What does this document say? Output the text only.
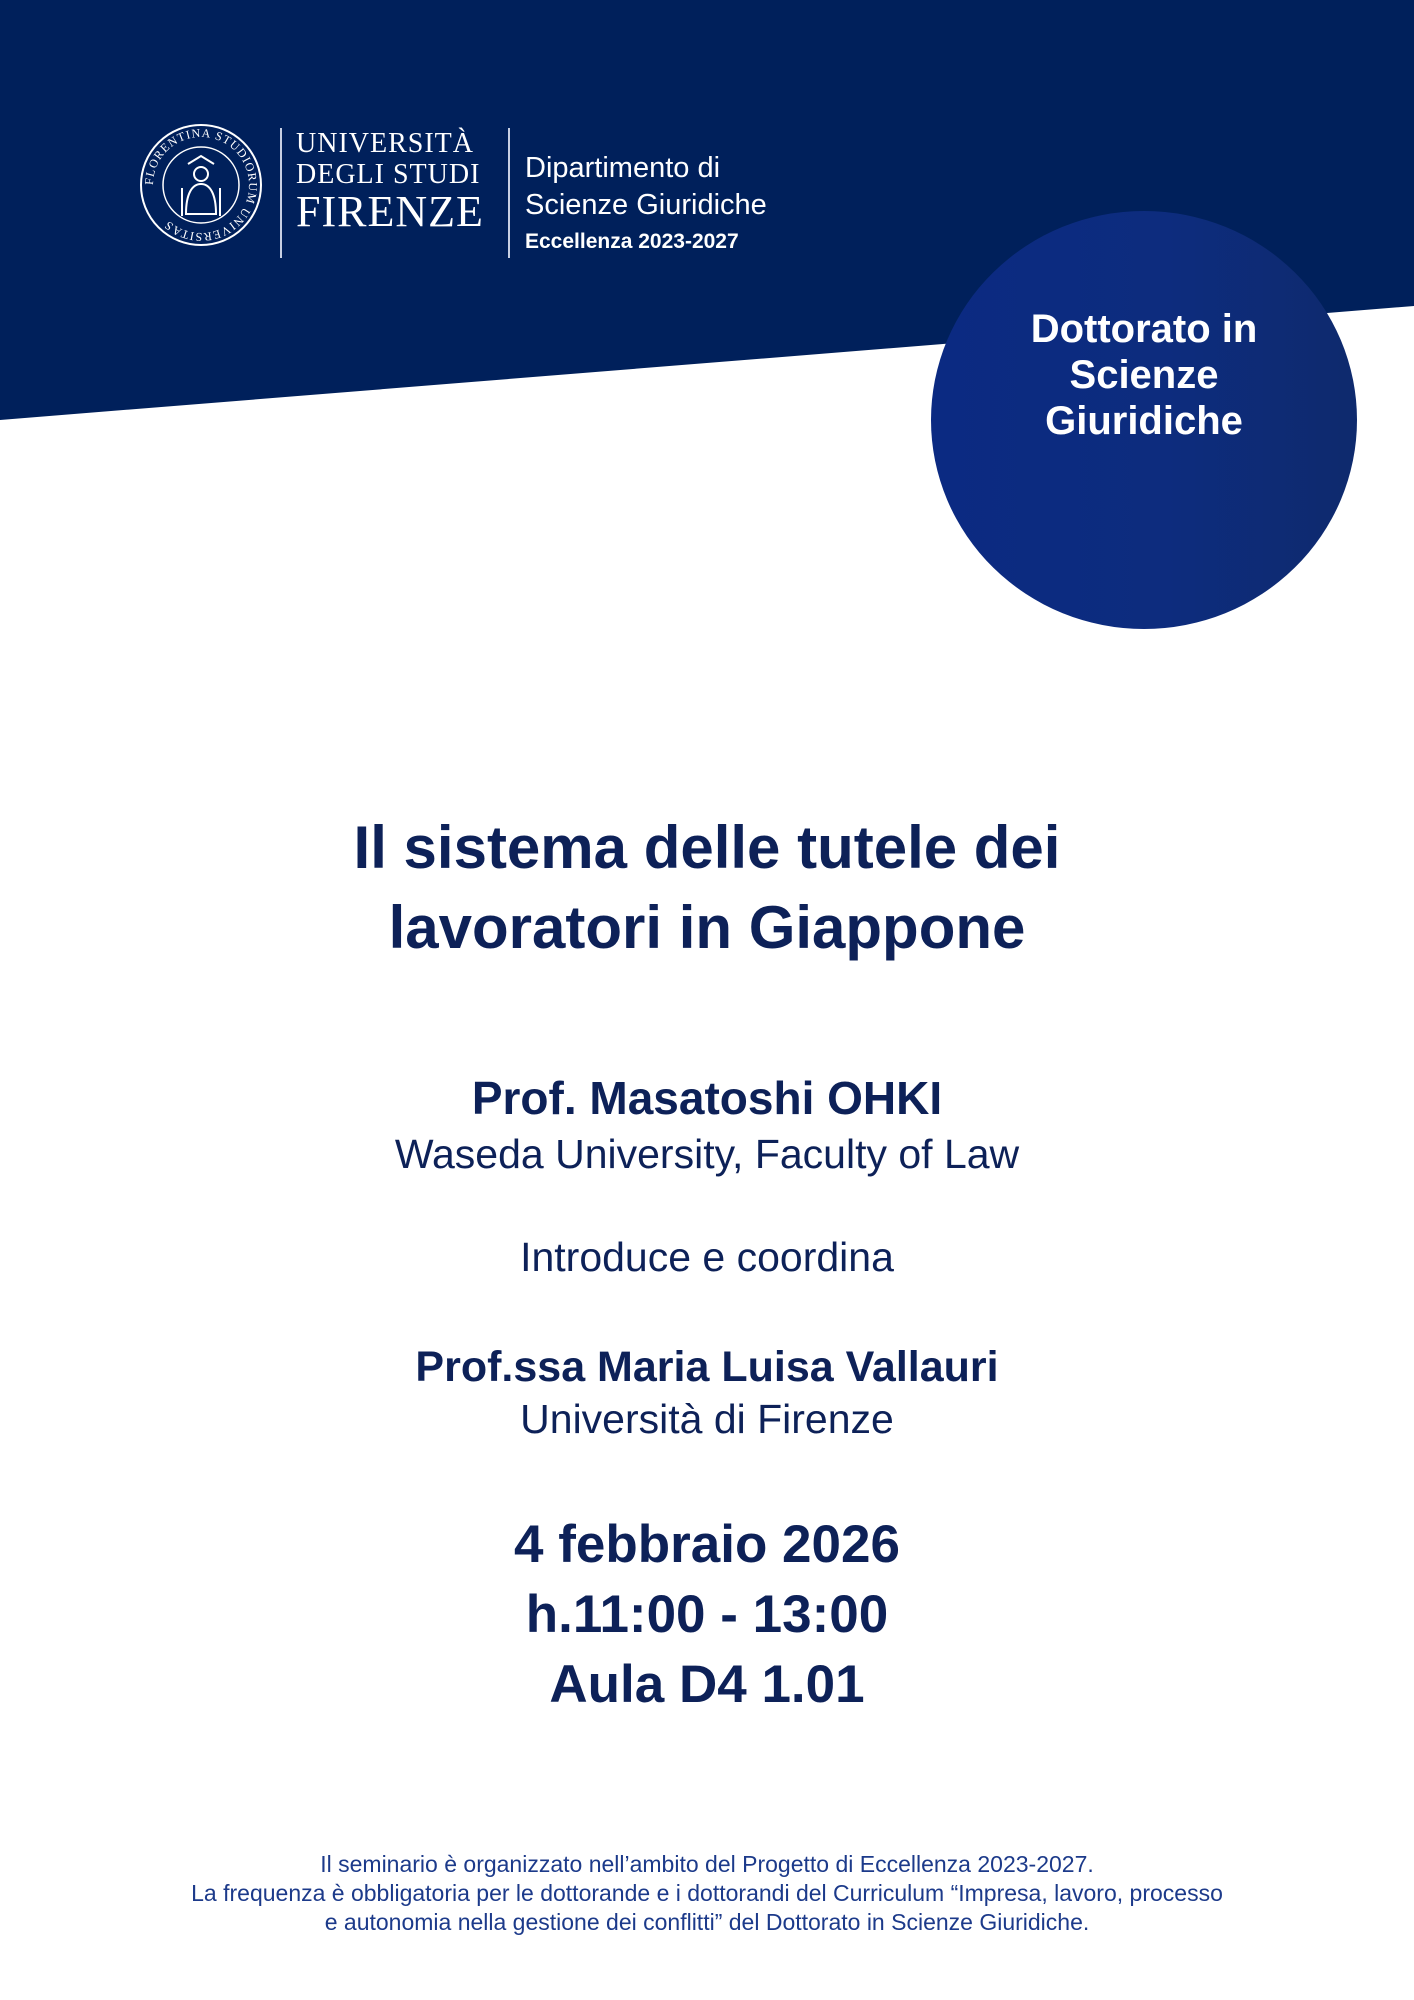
FLORENTINA STUDIORUM UNIVERSITAS
UNIVERSITÀ
DEGLI STUDI
FIRENZE
Dipartimento di
Scienze Giuridiche
Eccellenza 2023-2027
Dottorato in Scienze Giuridiche
Il sistema delle tutele dei
lavoratori in Giappone
Prof. Masatoshi OHKI
Waseda University, Faculty of Law
Introduce e coordina
Prof.ssa Maria Luisa Vallauri
Università di Firenze
4 febbraio 2026
h.11:00 - 13:00
Aula D4 1.01
Il seminario è organizzato nell’ambito del Progetto di Eccellenza 2023-2027.
La frequenza è obbligatoria per le dottorande e i dottorandi del Curriculum “Impresa, lavoro, processo
e autonomia nella gestione dei conflitti” del Dottorato in Scienze Giuridiche.
